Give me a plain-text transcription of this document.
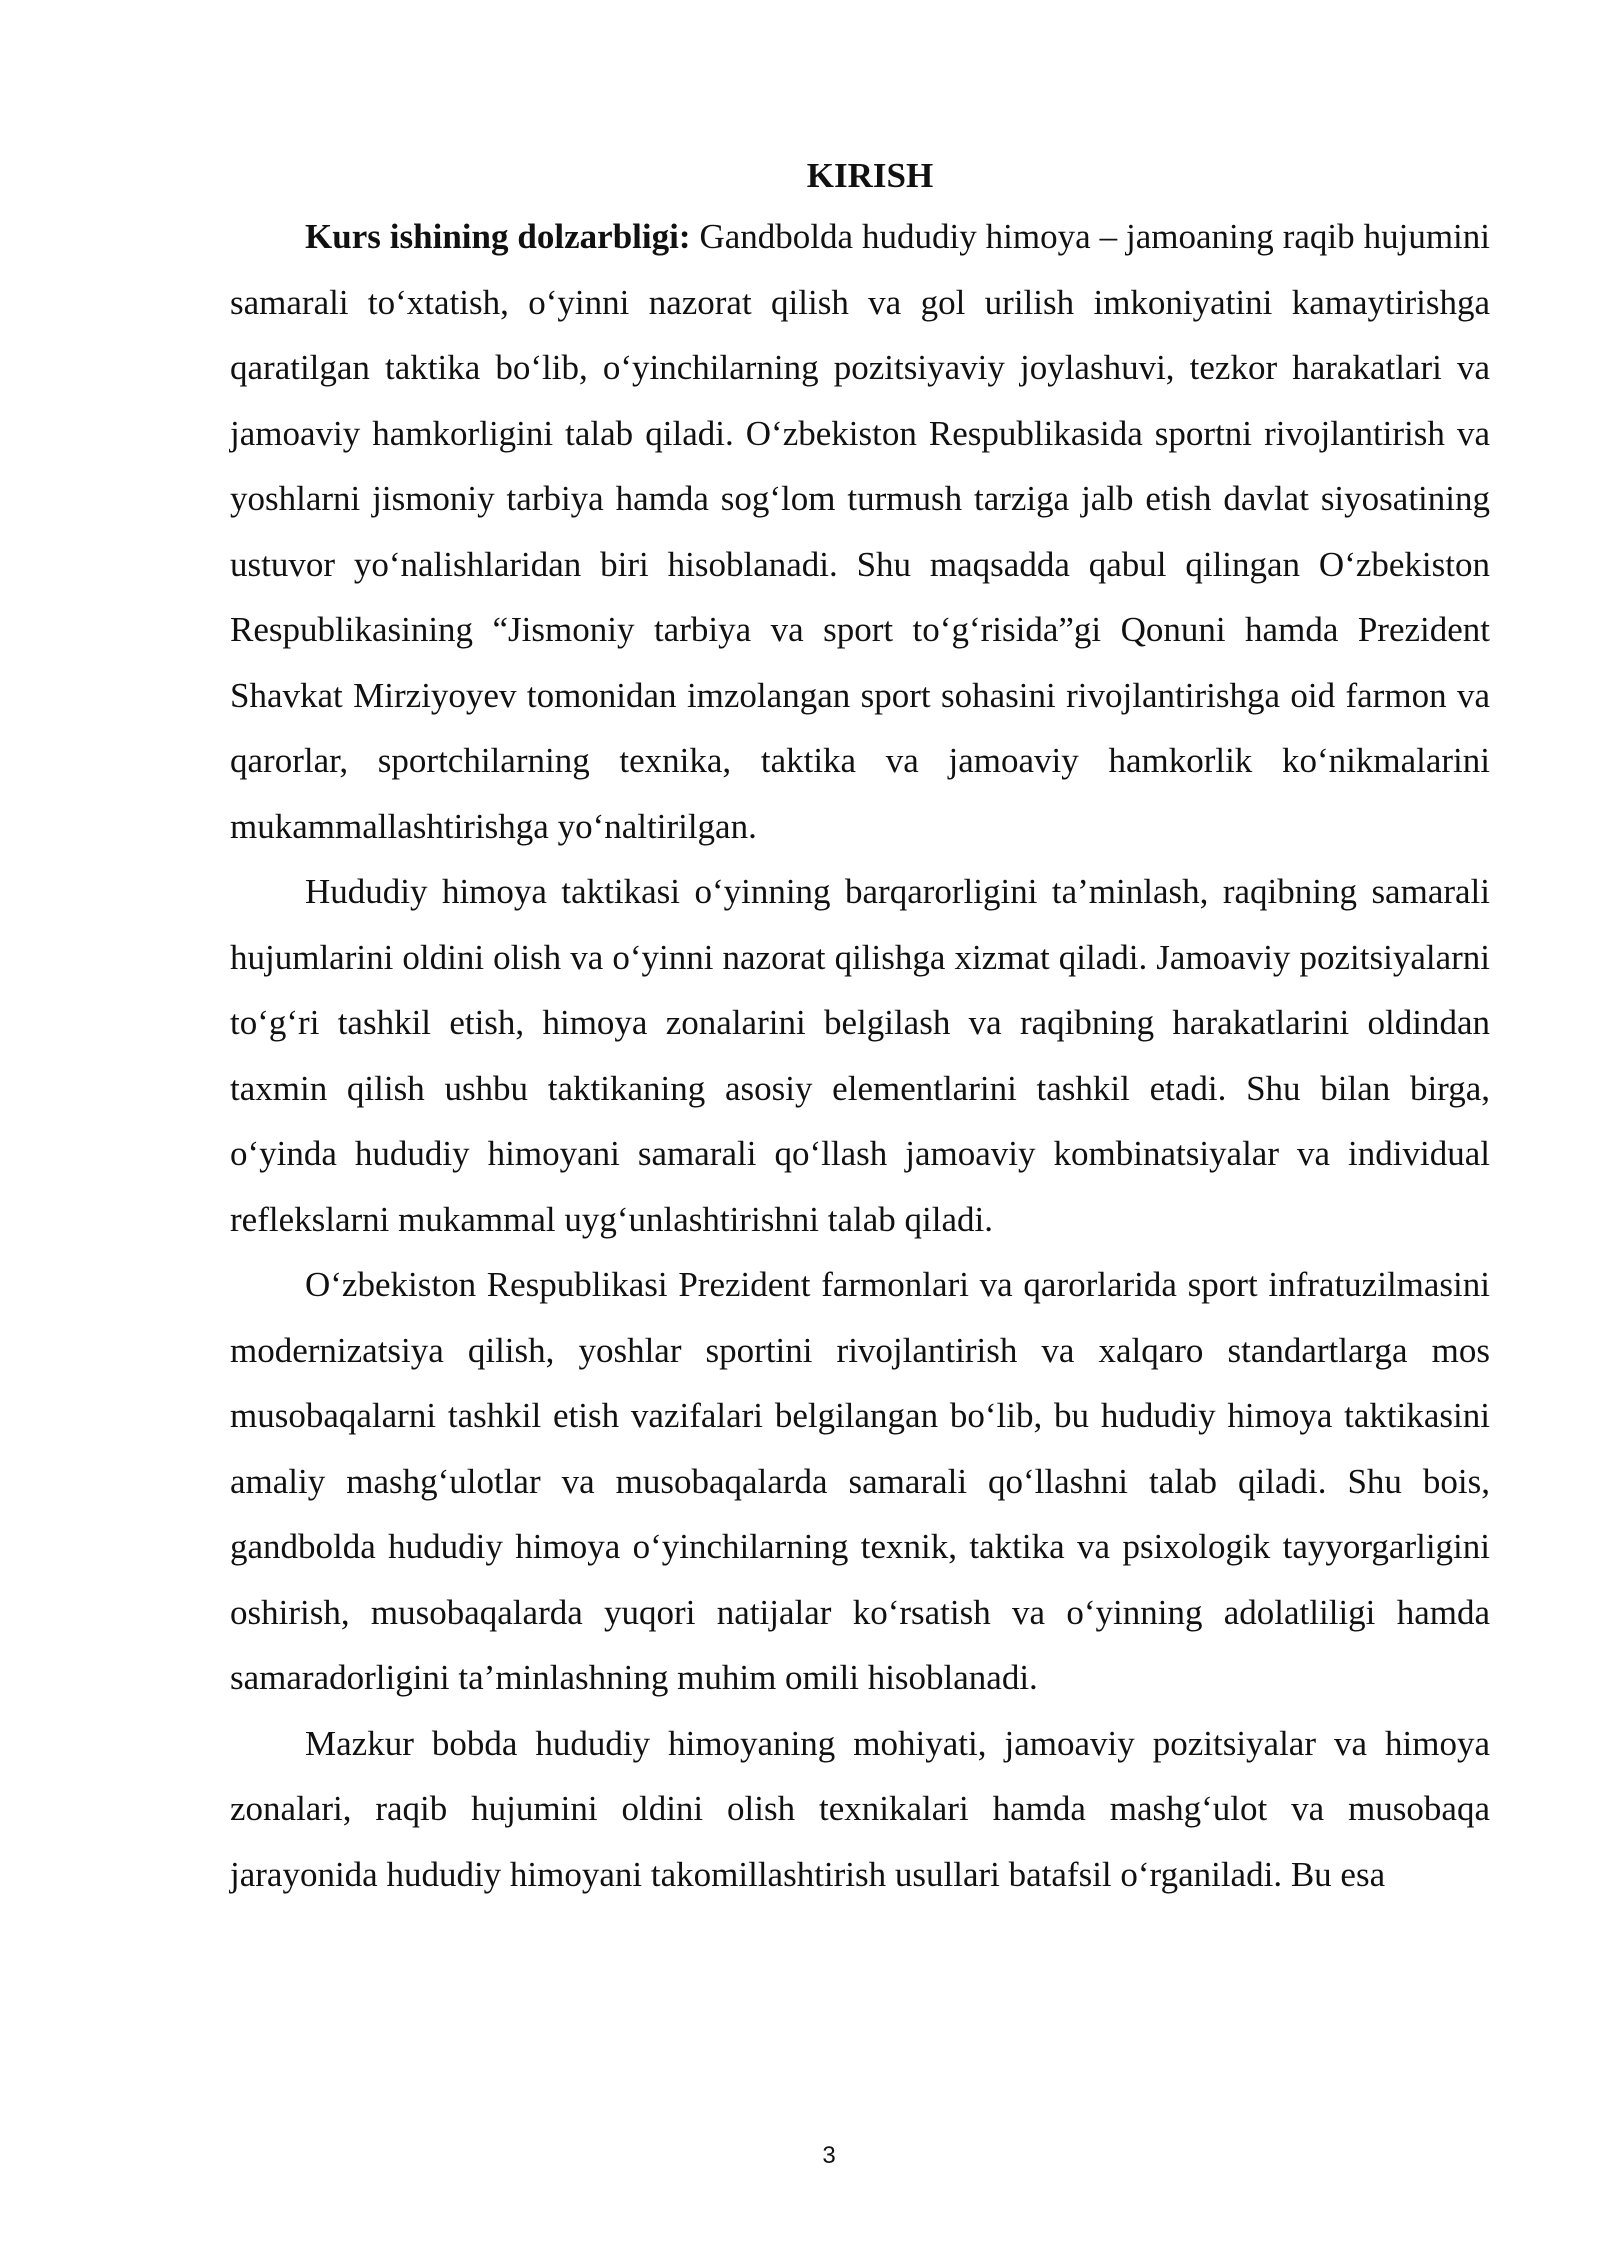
KIRISH

Kurs ishining dolzarbligi: Gandbolda hududiy himoya – jamoaning raqib hujumini samarali to‘xtatish, o‘yinni nazorat qilish va gol urilish imkoniyatini kamaytirishga qaratilgan taktika bo‘lib, o‘yinchilarning pozitsiyaviy joylashuvi, tezkor harakatlari va jamoaviy hamkorligini talab qiladi. O‘zbekiston Respublikasida sportni rivojlantirish va yoshlarni jismoniy tarbiya hamda sog‘lom turmush tarziga jalb etish davlat siyosatining ustuvor yo‘nalishlaridan biri hisoblanadi. Shu maqsadda qabul qilingan O‘zbekiston Respublikasining “Jismoniy tarbiya va sport to‘g‘risida”gi Qonuni hamda Prezident Shavkat Mirziyoyev tomonidan imzolangan sport sohasini rivojlantirishga oid farmon va qarorlar, sportchilarning texnika, taktika va jamoaviy hamkorlik ko‘nikmalarini mukammallashtirishga yo‘naltirilgan.

Hududiy himoya taktikasi o‘yinning barqarorligini ta’minlash, raqibning samarali hujumlarini oldini olish va o‘yinni nazorat qilishga xizmat qiladi. Jamoaviy pozitsiyalarni to‘g‘ri tashkil etish, himoya zonalarini belgilash va raqibning harakatlarini oldindan taxmin qilish ushbu taktikaning asosiy elementlarini tashkil etadi. Shu bilan birga, o‘yinda hududiy himoyani samarali qo‘llash jamoaviy kombinatsiyalar va individual reflekslarni mukammal uyg‘unlashtirishni talab qiladi.

O‘zbekiston Respublikasi Prezident farmonlari va qarorlarida sport infratuzilmasini modernizatsiya qilish, yoshlar sportini rivojlantirish va xalqaro standartlarga mos musobaqalarni tashkil etish vazifalari belgilangan bo‘lib, bu hududiy himoya taktikasini amaliy mashg‘ulotlar va musobaqalarda samarali qo‘llashni talab qiladi. Shu bois, gandbolda hududiy himoya o‘yinchilarning texnik, taktika va psixologik tayyorgarligini oshirish, musobaqalarda yuqori natijalar ko‘rsatish va o‘yinning adolatliligi hamda samaradorligini ta’minlashning muhim omili hisoblanadi.

Mazkur bobda hududiy himoyaning mohiyati, jamoaviy pozitsiyalar va himoya zonalari, raqib hujumini oldini olish texnikalari hamda mashg‘ulot va musobaqa jarayonida hududiy himoyani takomillashtirish usullari batafsil o‘rganiladi. Bu esa

3
